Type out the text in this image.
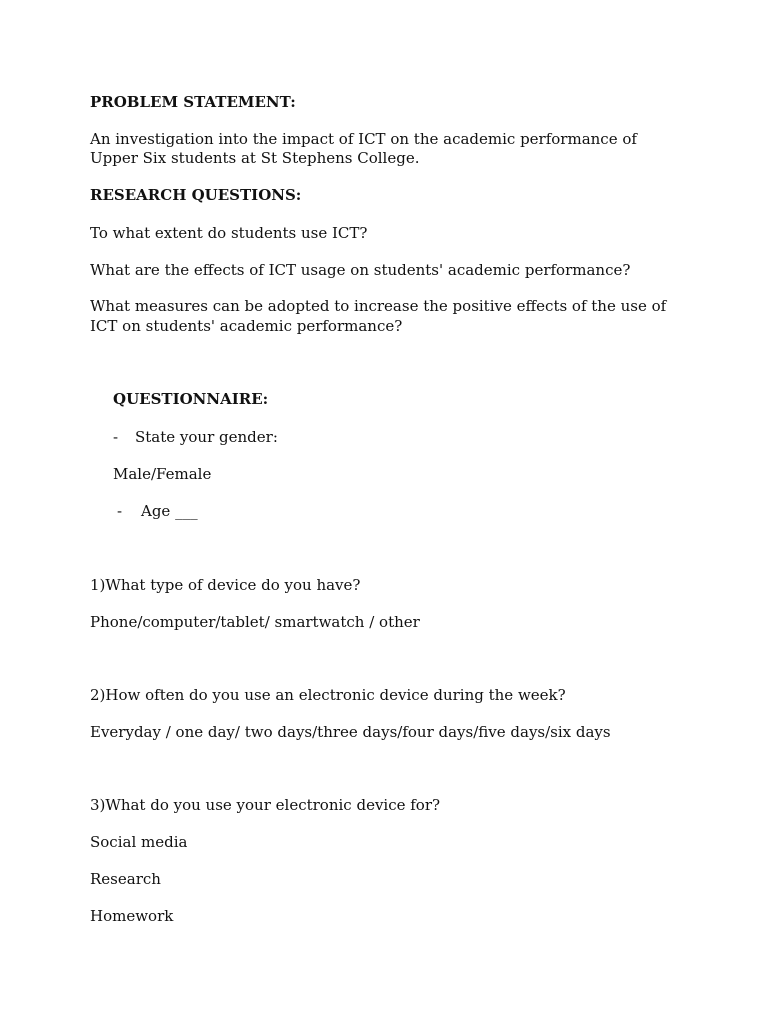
PROBLEM STATEMENT:
An investigation into the impact of ICT on the academic performance of
Upper Six students at St Stephens College.
RESEARCH QUESTIONS:
To what extent do students use ICT?
What are the effects of ICT usage on students' academic performance?
What measures can be adopted to increase the positive effects of the use of
ICT on students' academic performance?
QUESTIONNAIRE:
- State your gender:
Male/Female
- Age ___
1)What type of device do you have?
Phone/computer/tablet/ smartwatch / other
2)How often do you use an electronic device during the week?
Everyday / one day/ two days/three days/four days/five days/six days
3)What do you use your electronic device for?
Social media
Research
Homework
